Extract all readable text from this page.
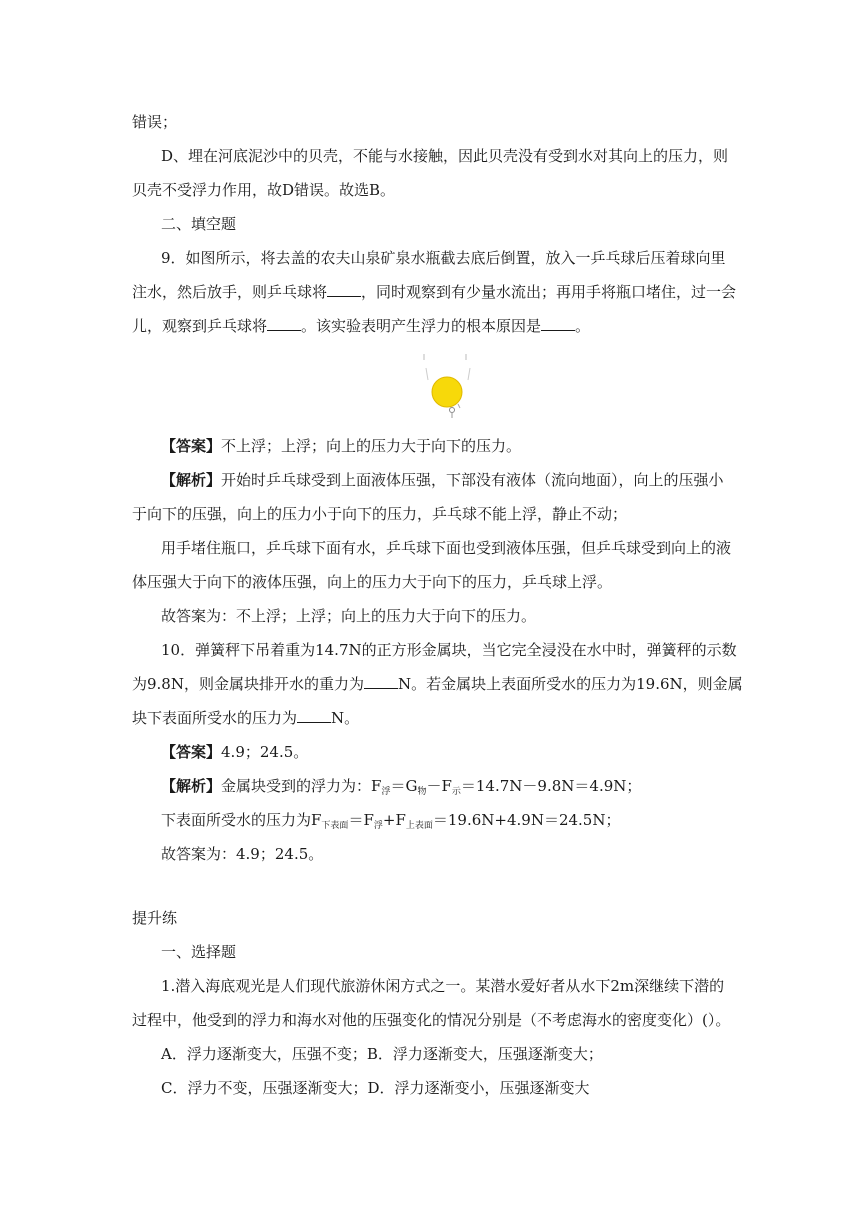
错误；
D、埋在河底泥沙中的贝壳，不能与水接触，因此贝壳没有受到水对其向上的压力，则
贝壳不受浮力作用，故D错误。故选B。
二、填空题
9．如图所示，将去盖的农夫山泉矿泉水瓶截去底后倒置，放入一乒乓球后压着球向里
注水，然后放手，则乒乓球将 ，同时观察到有少量水流出；再用手将瓶口堵住，过一会
儿，观察到乒乓球将 。该实验表明产生浮力的根本原因是 。
【答案】不上浮；上浮；向上的压力大于向下的压力。
【解析】开始时乒乓球受到上面液体压强，下部没有液体（流向地面），向上的压强小
于向下的压强，向上的压力小于向下的压力，乒乓球不能上浮，静止不动；
用手堵住瓶口，乒乓球下面有水，乒乓球下面也受到液体压强，但乒乓球受到向上的液
体压强大于向下的液体压强，向上的压力大于向下的压力，乒乓球上浮。
故答案为：不上浮；上浮；向上的压力大于向下的压力。
10．弹簧秤下吊着重为14.7N的正方形金属块，当它完全浸没在水中时，弹簧秤的示数
为9.8N，则金属块排开水的重力为 N。若金属块上表面所受水的压力为19.6N，则金属
块下表面所受水的压力为 N。
【答案】4.9；24.5。
【解析】金属块受到的浮力为：$F_浮=G_物-F_示=14.7N-9.8N=4.9N$；
下表面所受水的压力为$F_{下表面}=F_浮+F_{上表面}=19.6N+4.9N=24.5N$；
故答案为：4.9；24.5。
提升练
一、选择题
1.潜入海底观光是人们现代旅游休闲方式之一。某潜水爱好者从水下2m深继续下潜的
过程中，他受到的浮力和海水对他的压强变化的情况分别是（不考虑海水的密度变化）(）。
A．浮力逐渐变大，压强不变；B．浮力逐渐变大，压强逐渐变大；
C．浮力不变，压强逐渐变大；D．浮力逐渐变小，压强逐渐变大
